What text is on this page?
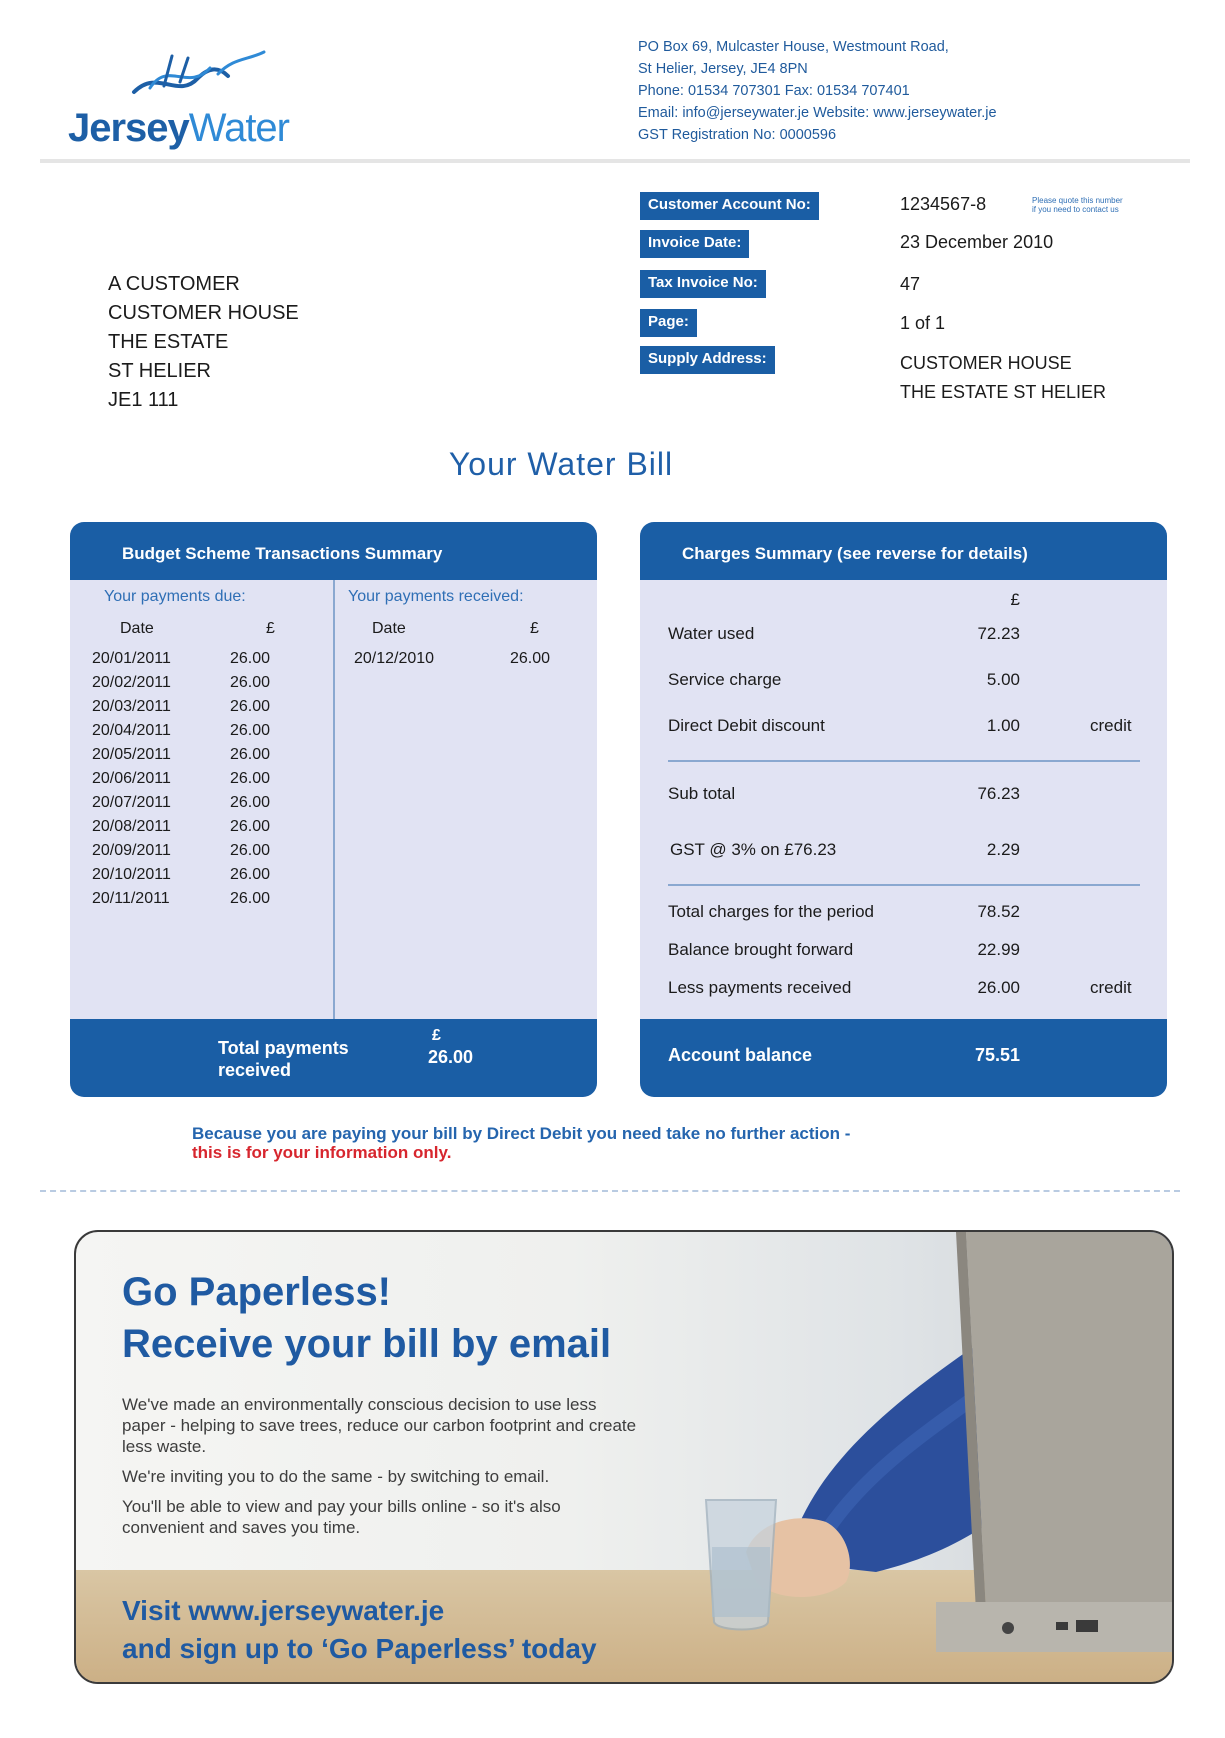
JerseyWater
PO Box 69, Mulcaster House, Westmount Road,
St Helier, Jersey, JE4 8PN
Phone: 01534 707301 Fax: 01534 707401
Email: info@jerseywater.je Website: www.jerseywater.je
GST Registration No: 0000596
Customer Account No:	1234567-8	Please quote this number
if you need to contact us
Invoice Date:	23 December 2010
Tax Invoice No:	47
Page:	1 of 1
Supply Address:	CUSTOMER HOUSE
THE ESTATE ST HELIER
A CUSTOMER
CUSTOMER HOUSE
THE ESTATE
ST HELIER
JE1 111
Your Water Bill
Budget Scheme Transactions Summary
Your payments due:	Your payments received:
Date	£	Date	£
20/01/2011	26.00
20/02/2011	26.00
20/03/2011	26.00
20/04/2011	26.00
20/05/2011	26.00
20/06/2011	26.00
20/07/2011	26.00
20/08/2011	26.00
20/09/2011	26.00
20/10/2011	26.00
20/11/2011	26.00
20/12/2010	26.00
Total payments
received
£
26.00
Charges Summary (see reverse for details)
£
Water used	72.23
Service charge	5.00
Direct Debit discount	1.00	credit
Sub total	76.23
GST @ 3% on £76.23	2.29
Total charges for the period	78.52
Balance brought forward	22.99
Less payments received	26.00	credit
Account balance	75.51
Because you are paying your bill by Direct Debit you need take no further action -
this is for your information only.
Go Paperless!
Receive your bill by email

We've made an environmentally conscious decision to use less paper - helping to save trees, reduce our carbon footprint and create less waste.

We're inviting you to do the same - by switching to email.

You'll be able to view and pay your bills online - so it's also convenient and saves you time.

Visit www.jerseywater.je
and sign up to ‘Go Paperless’ today
